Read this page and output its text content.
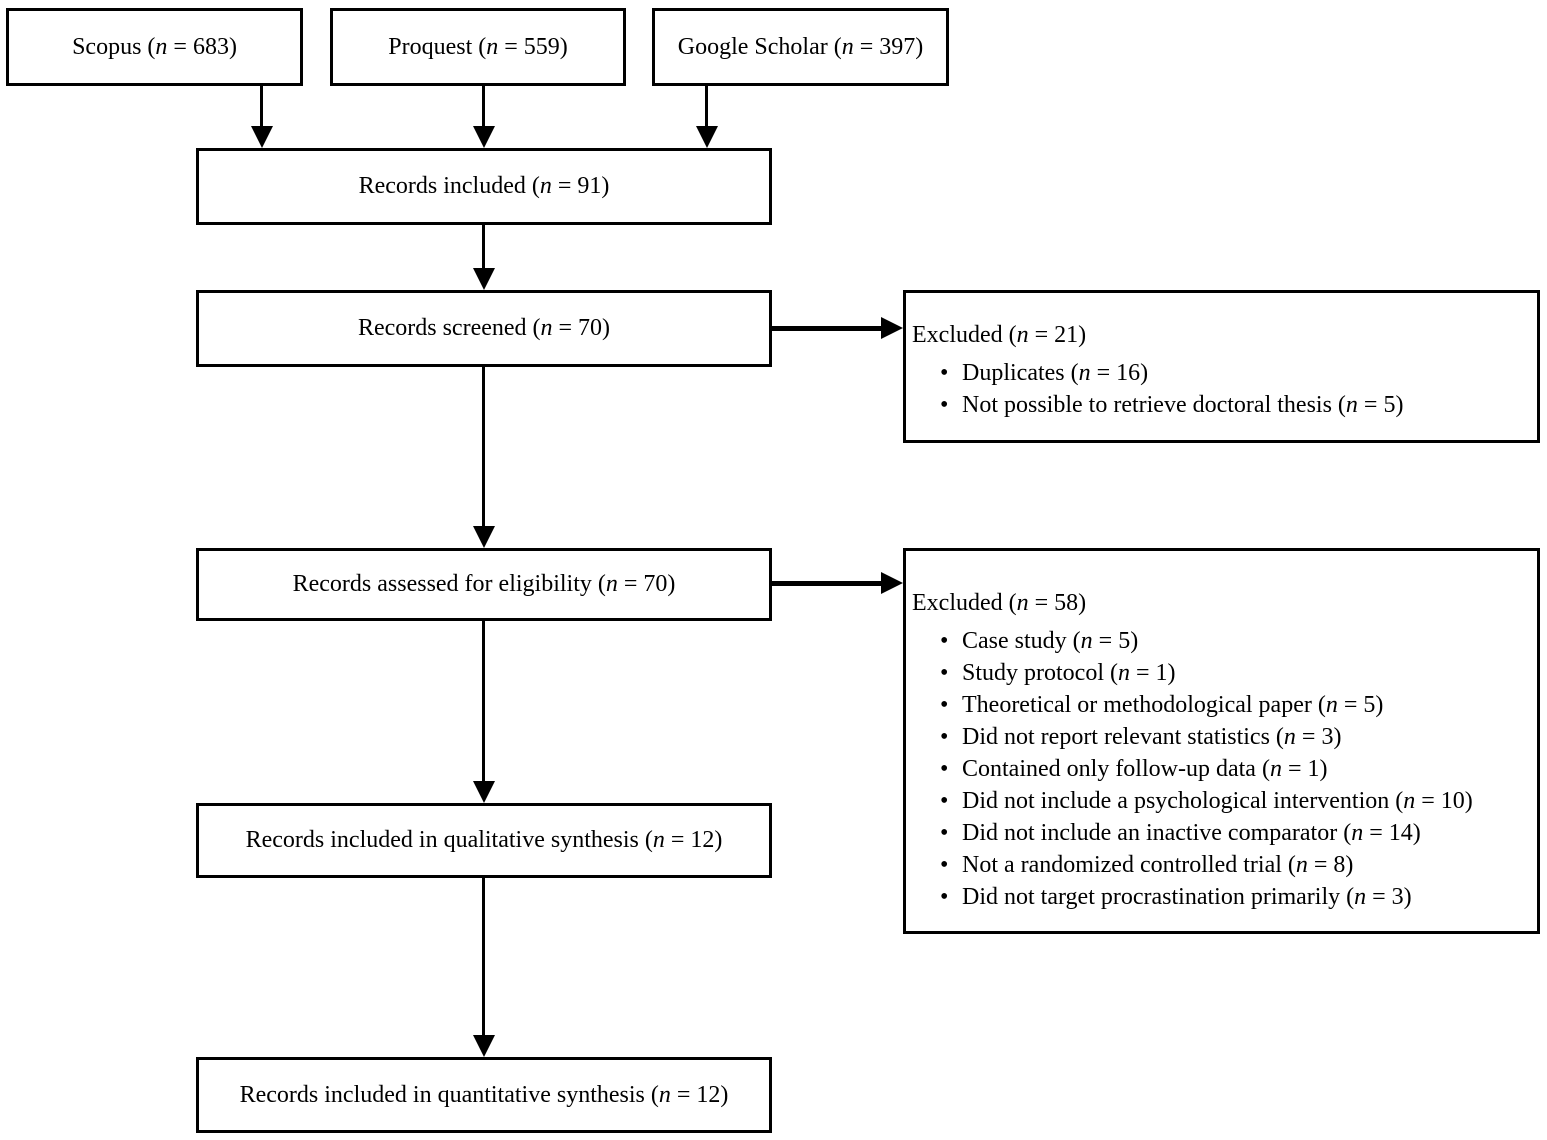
Scopus (n = 683)	Proquest (n = 559)	Google Scholar (n = 397)
Records included (n = 91)
Records screened (n = 70)	Excluded (n = 21)
• Duplicates (n = 16)
• Not possible to retrieve doctoral thesis (n = 5)
Records assessed for eligibility (n = 70)
Excluded (n = 58)
• Case study (n = 5)
• Study protocol (n = 1)
• Theoretical or methodological paper (n = 5)
• Did not report relevant statistics (n = 3)
• Contained only follow-up data (n = 1)
• Did not include a psychological intervention (n = 10)
• Did not include an inactive comparator (n = 14)
• Not a randomized controlled trial (n = 8)
• Did not target procrastination primarily (n = 3)
Records included in qualitative synthesis (n = 12)
Records included in quantitative synthesis (n = 12)
